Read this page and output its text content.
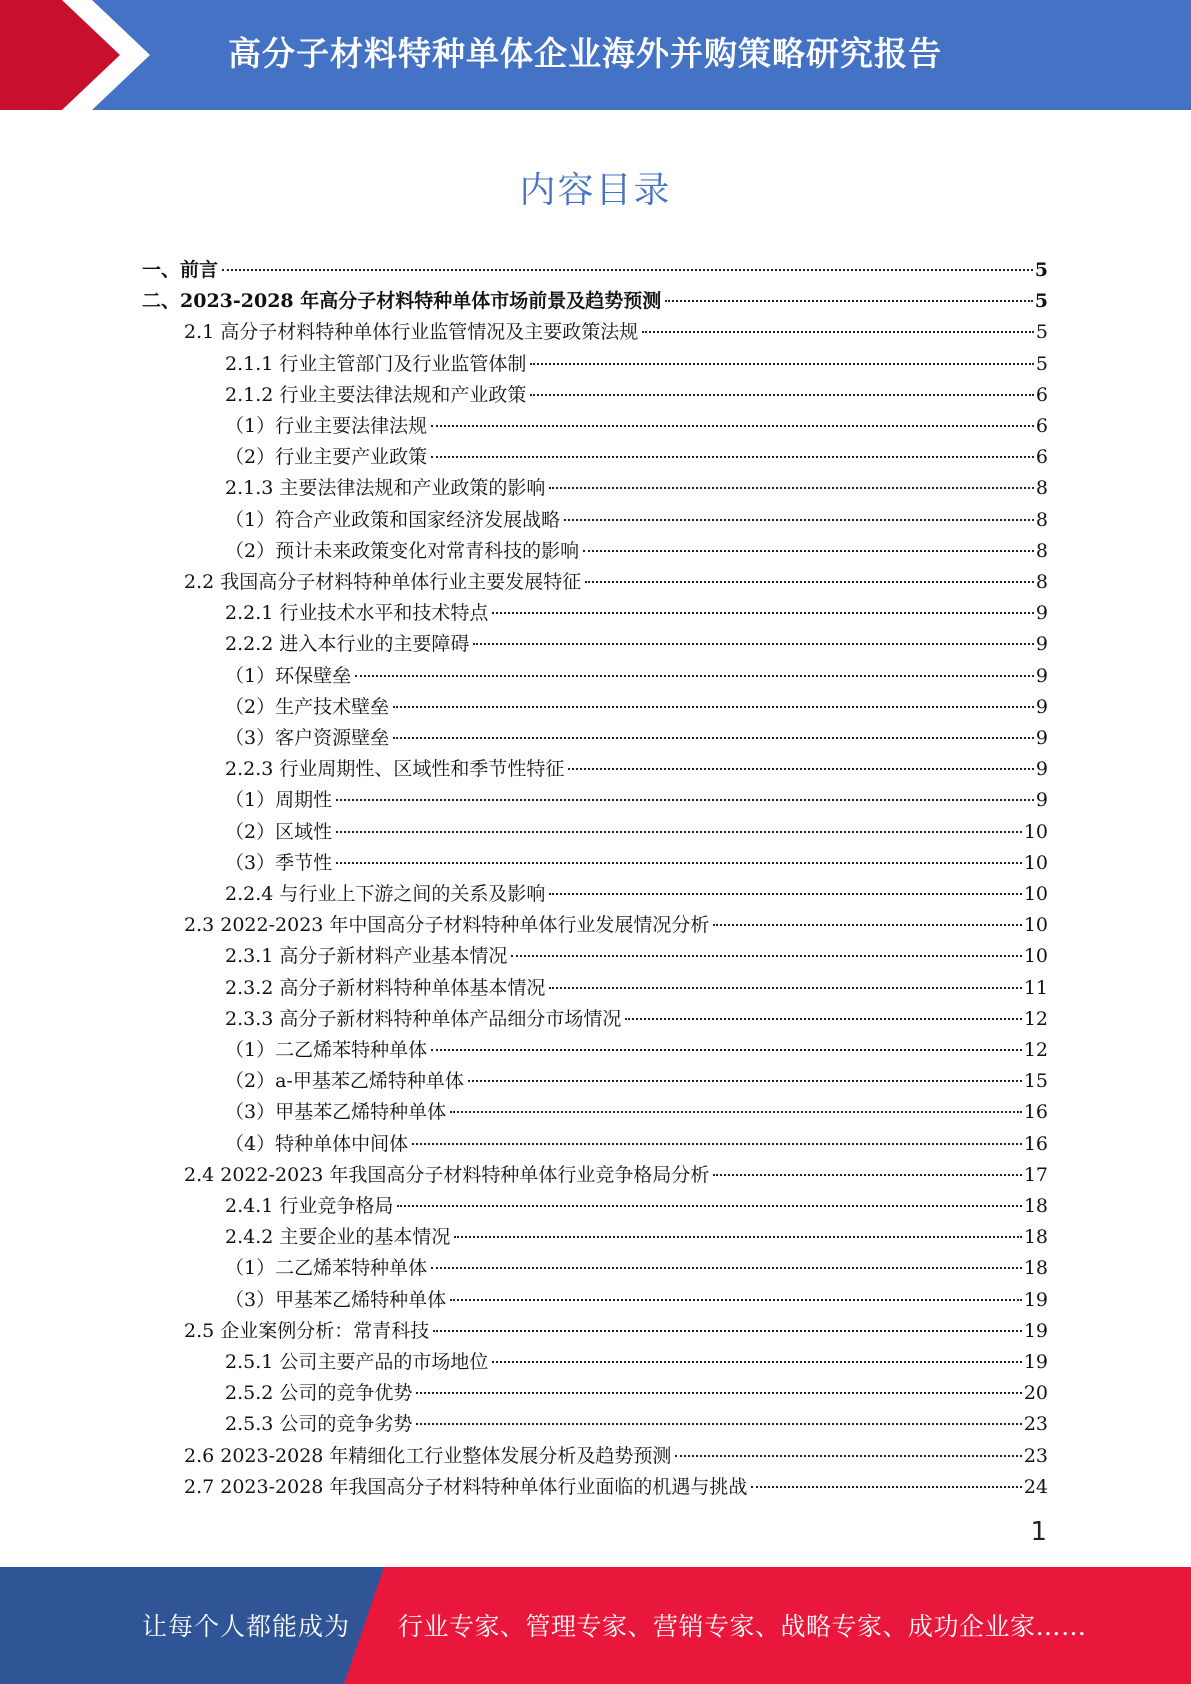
高分子材料特种单体企业海外并购策略研究报告
内容目录
一、前言	5
二、2023-2028 年高分子材料特种单体市场前景及趋势预测	5
2.1 高分子材料特种单体行业监管情况及主要政策法规	5
2.1.1 行业主管部门及行业监管体制	5
2.1.2 行业主要法律法规和产业政策	6
（1）行业主要法律法规	6
（2）行业主要产业政策	6
2.1.3 主要法律法规和产业政策的影响	8
（1）符合产业政策和国家经济发展战略	8
（2）预计未来政策变化对常青科技的影响	8
2.2 我国高分子材料特种单体行业主要发展特征	8
2.2.1 行业技术水平和技术特点	9
2.2.2 进入本行业的主要障碍	9
（1）环保壁垒	9
（2）生产技术壁垒	9
（3）客户资源壁垒	9
2.2.3 行业周期性、区域性和季节性特征	9
（1）周期性	9
（2）区域性	10
（3）季节性	10
2.2.4 与行业上下游之间的关系及影响	10
2.3 2022-2023 年中国高分子材料特种单体行业发展情况分析	10
2.3.1 高分子新材料产业基本情况	10
2.3.2 高分子新材料特种单体基本情况	11
2.3.3 高分子新材料特种单体产品细分市场情况	12
（1）二乙烯苯特种单体	12
（2）a-甲基苯乙烯特种单体	15
（3）甲基苯乙烯特种单体	16
（4）特种单体中间体	16
2.4 2022-2023 年我国高分子材料特种单体行业竞争格局分析	17
2.4.1 行业竞争格局	18
2.4.2 主要企业的基本情况	18
（1）二乙烯苯特种单体	18
（3）甲基苯乙烯特种单体	19
2.5 企业案例分析：常青科技	19
2.5.1 公司主要产品的市场地位	19
2.5.2 公司的竞争优势	20
2.5.3 公司的竞争劣势	23
2.6 2023-2028 年精细化工行业整体发展分析及趋势预测	23
2.7 2023-2028 年我国高分子材料特种单体行业面临的机遇与挑战	24
1
让每个人都能成为 行业专家、管理专家、营销专家、战略专家、成功企业家……
